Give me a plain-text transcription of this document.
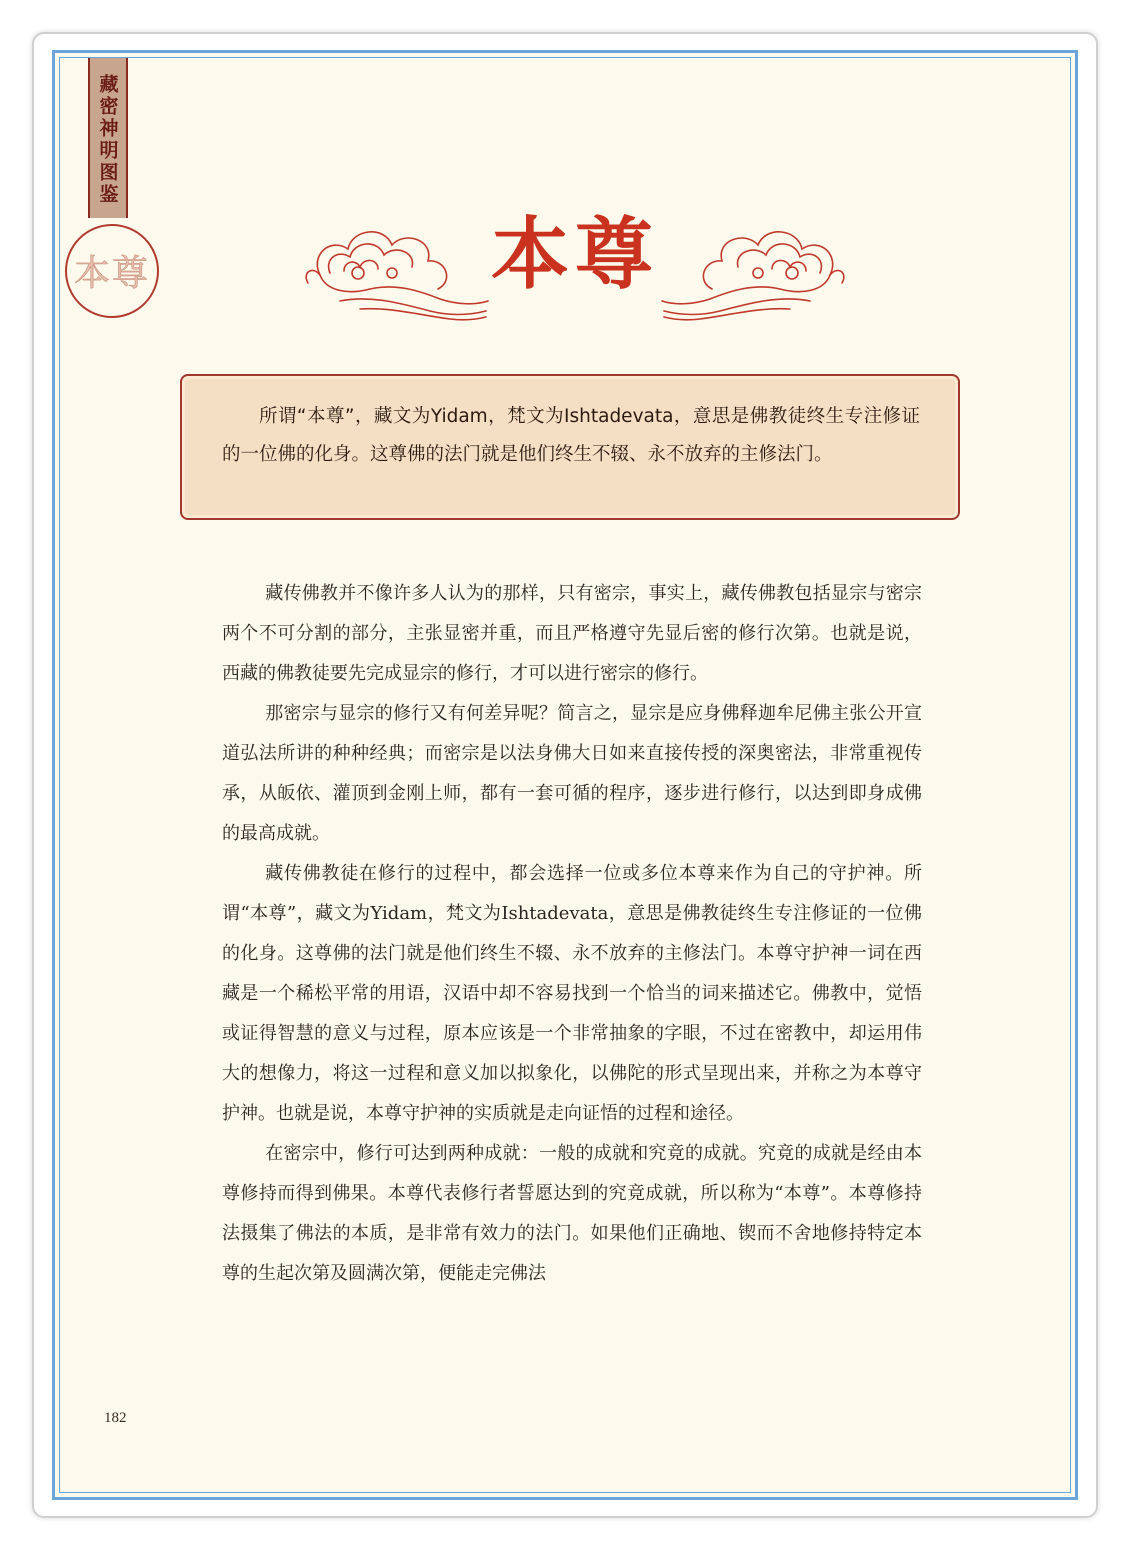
藏密神明图鉴
本尊	本尊

所谓“本尊”，藏文为Yidam，梵文为Ishtadevata，意思是佛教徒终生专注修证的一位佛的化身。这尊佛的法门就是他们终生不辍、永不放弃的主修法门。

藏传佛教并不像许多人认为的那样，只有密宗，事实上，藏传佛教包括显宗与密宗两个不可分割的部分，主张显密并重，而且严格遵守先显后密的修行次第。也就是说，西藏的佛教徒要先完成显宗的修行，才可以进行密宗的修行。

那密宗与显宗的修行又有何差异呢？简言之，显宗是应身佛释迦牟尼佛主张公开宣道弘法所讲的种种经典；而密宗是以法身佛大日如来直接传授的深奥密法，非常重视传承，从皈依、灌顶到金刚上师，都有一套可循的程序，逐步进行修行，以达到即身成佛的最高成就。

藏传佛教徒在修行的过程中，都会选择一位或多位本尊来作为自己的守护神。所谓“本尊”，藏文为Yidam，梵文为Ishtadevata，意思是佛教徒终生专注修证的一位佛的化身。这尊佛的法门就是他们终生不辍、永不放弃的主修法门。本尊守护神一词在西藏是一个稀松平常的用语，汉语中却不容易找到一个恰当的词来描述它。佛教中，觉悟或证得智慧的意义与过程，原本应该是一个非常抽象的字眼，不过在密教中，却运用伟大的想像力，将这一过程和意义加以拟象化，以佛陀的形式呈现出来，并称之为本尊守护神。也就是说，本尊守护神的实质就是走向证悟的过程和途径。

在密宗中，修行可达到两种成就：一般的成就和究竟的成就。究竟的成就是经由本尊修持而得到佛果。本尊代表修行者誓愿达到的究竟成就，所以称为“本尊”。本尊修持法摄集了佛法的本质，是非常有效力的法门。如果他们正确地、锲而不舍地修持特定本尊的生起次第及圆满次第，便能走完佛法

182
